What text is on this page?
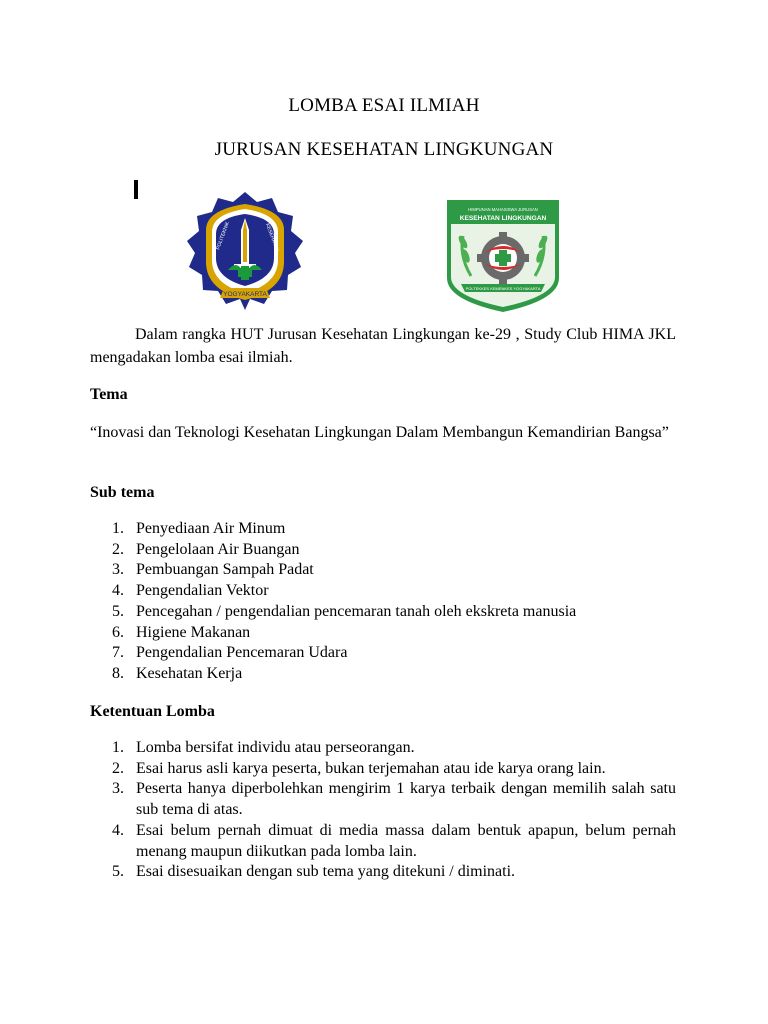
LOMBA ESAI ILMIAH
JURUSAN KESEHATAN LINGKUNGAN
YOGYAKARTA
POLITEKNIK	KESEHATAN
HIMPUNAN MAHASISWA JURUSAN
KESEHATAN LINGKUNGAN
POLTEKKES KEMENKES YOGYAKARTA

Dalam rangka HUT Jurusan Kesehatan Lingkungan ke-29 , Study Club HIMA JKL mengadakan lomba esai ilmiah.

Tema

“Inovasi dan Teknologi Kesehatan Lingkungan Dalam Membangun Kemandirian Bangsa”

Sub tema

1. Penyediaan Air Minum
2. Pengelolaan Air Buangan
3. Pembuangan Sampah Padat
4. Pengendalian Vektor
5. Pencegahan / pengendalian pencemaran tanah oleh ekskreta manusia
6. Higiene Makanan
7. Pengendalian Pencemaran Udara
8. Kesehatan Kerja

Ketentuan Lomba

1. Lomba bersifat individu atau perseorangan.
2. Esai harus asli karya peserta, bukan terjemahan atau ide karya orang lain.
3. Peserta hanya diperbolehkan mengirim 1 karya terbaik dengan memilih salah satu sub tema di atas.
4. Esai belum pernah dimuat di media massa dalam bentuk apapun, belum pernah menang maupun diikutkan pada lomba lain.
5. Esai disesuaikan dengan sub tema yang ditekuni / diminati.
